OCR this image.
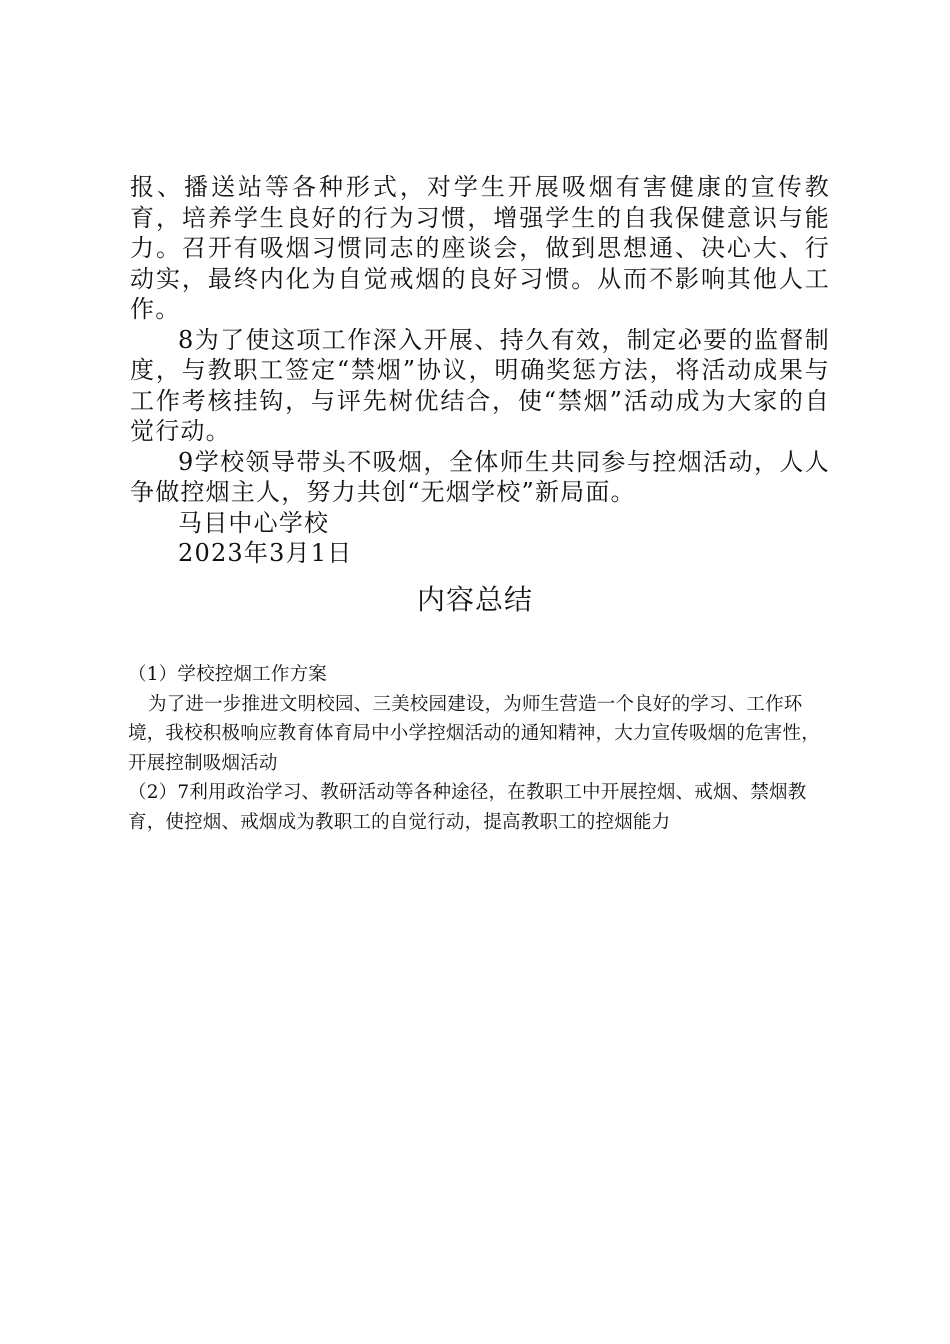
报、播送站等各种形式，对学生开展吸烟有害健康的宣传教育，培养学生良好的行为习惯，增强学生的自我保健意识与能力。召开有吸烟习惯同志的座谈会，做到思想通、决心大、行动实，最终内化为自觉戒烟的良好习惯。从而不影响其他人工作。

8为了使这项工作深入开展、持久有效，制定必要的监督制度，与教职工签定“禁烟”协议，明确奖惩方法，将活动成果与工作考核挂钩，与评先树优结合，使“禁烟”活动成为大家的自觉行动。

9学校领导带头不吸烟，全体师生共同参与控烟活动，人人争做控烟主人，努力共创“无烟学校”新局面。

马目中心学校

2023年3月1日

内容总结

（1）学校控烟工作方案

为了进一步推进文明校园、三美校园建设，为师生营造一个良好的学习、工作环境，我校积极响应教育体育局中小学控烟活动的通知精神，大力宣传吸烟的危害性，开展控制吸烟活动

（2）7利用政治学习、教研活动等各种途径，在教职工中开展控烟、戒烟、禁烟教育，使控烟、戒烟成为教职工的自觉行动，提高教职工的控烟能力
